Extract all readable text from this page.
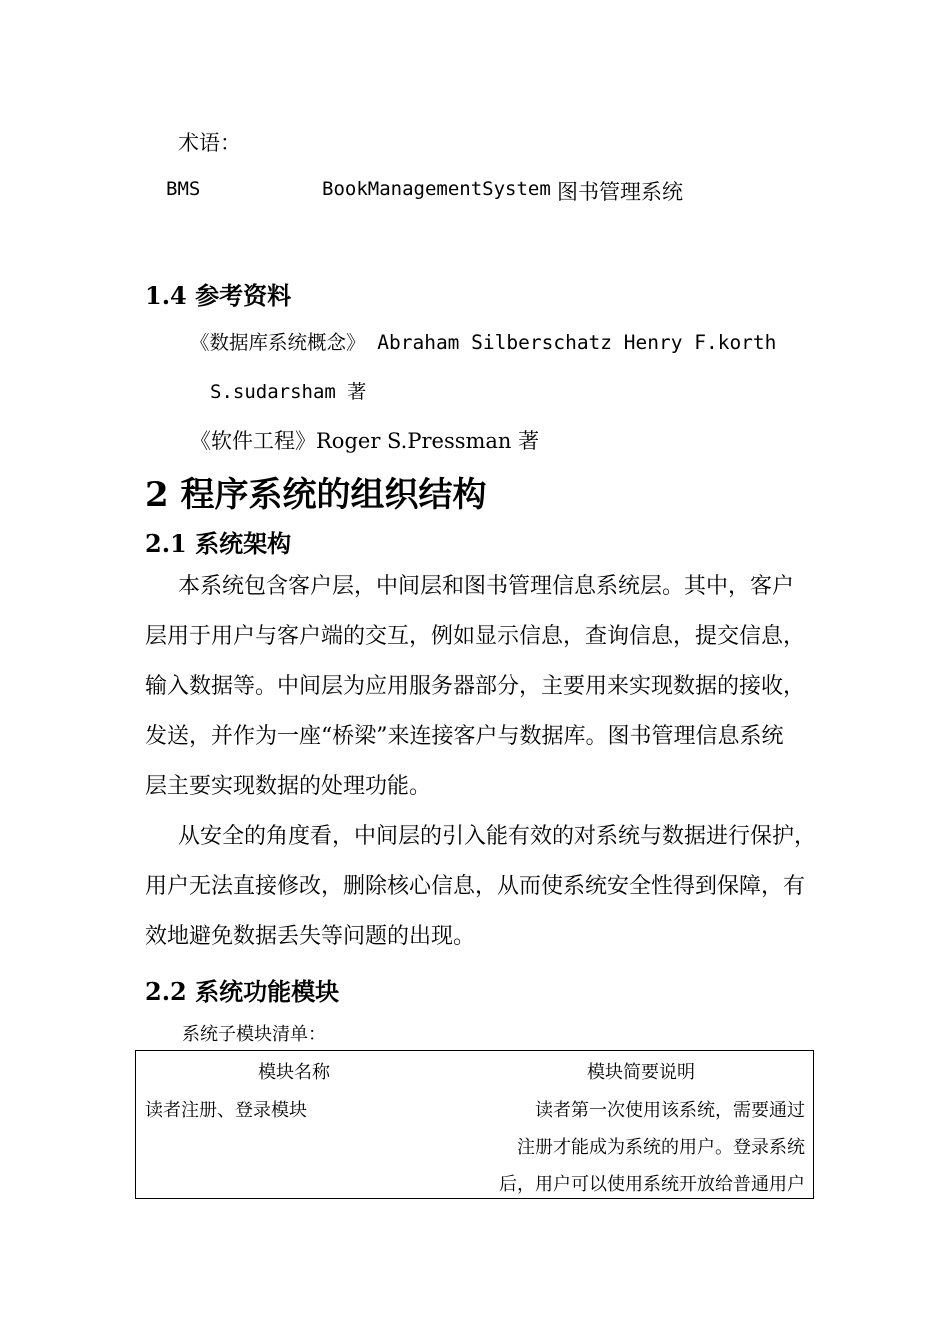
术语：
BMS	BookManagementSystem 图书管理系统
1.4 参考资料
《数据库系统概念》 Abraham Silberschatz Henry F.korth
S.sudarsham 著
《软件工程》Roger S.Pressman 著
2 程序系统的组织结构
2.1 系统架构
本系统包含客户层，中间层和图书管理信息系统层。其中，客户
层用于用户与客户端的交互，例如显示信息，查询信息，提交信息，
输入数据等。中间层为应用服务器部分，主要用来实现数据的接收，
发送，并作为一座“桥梁”来连接客户与数据库。图书管理信息系统
层主要实现数据的处理功能。
从安全的角度看，中间层的引入能有效的对系统与数据进行保护，
用户无法直接修改，删除核心信息，从而使系统安全性得到保障，有
效地避免数据丢失等问题的出现。
2.2 系统功能模块
系统子模块清单：
模块名称	模块简要说明
读者注册、登录模块	读者第一次使用该系统，需要通过
注册才能成为系统的用户。登录系统
后，用户可以使用系统开放给普通用户
